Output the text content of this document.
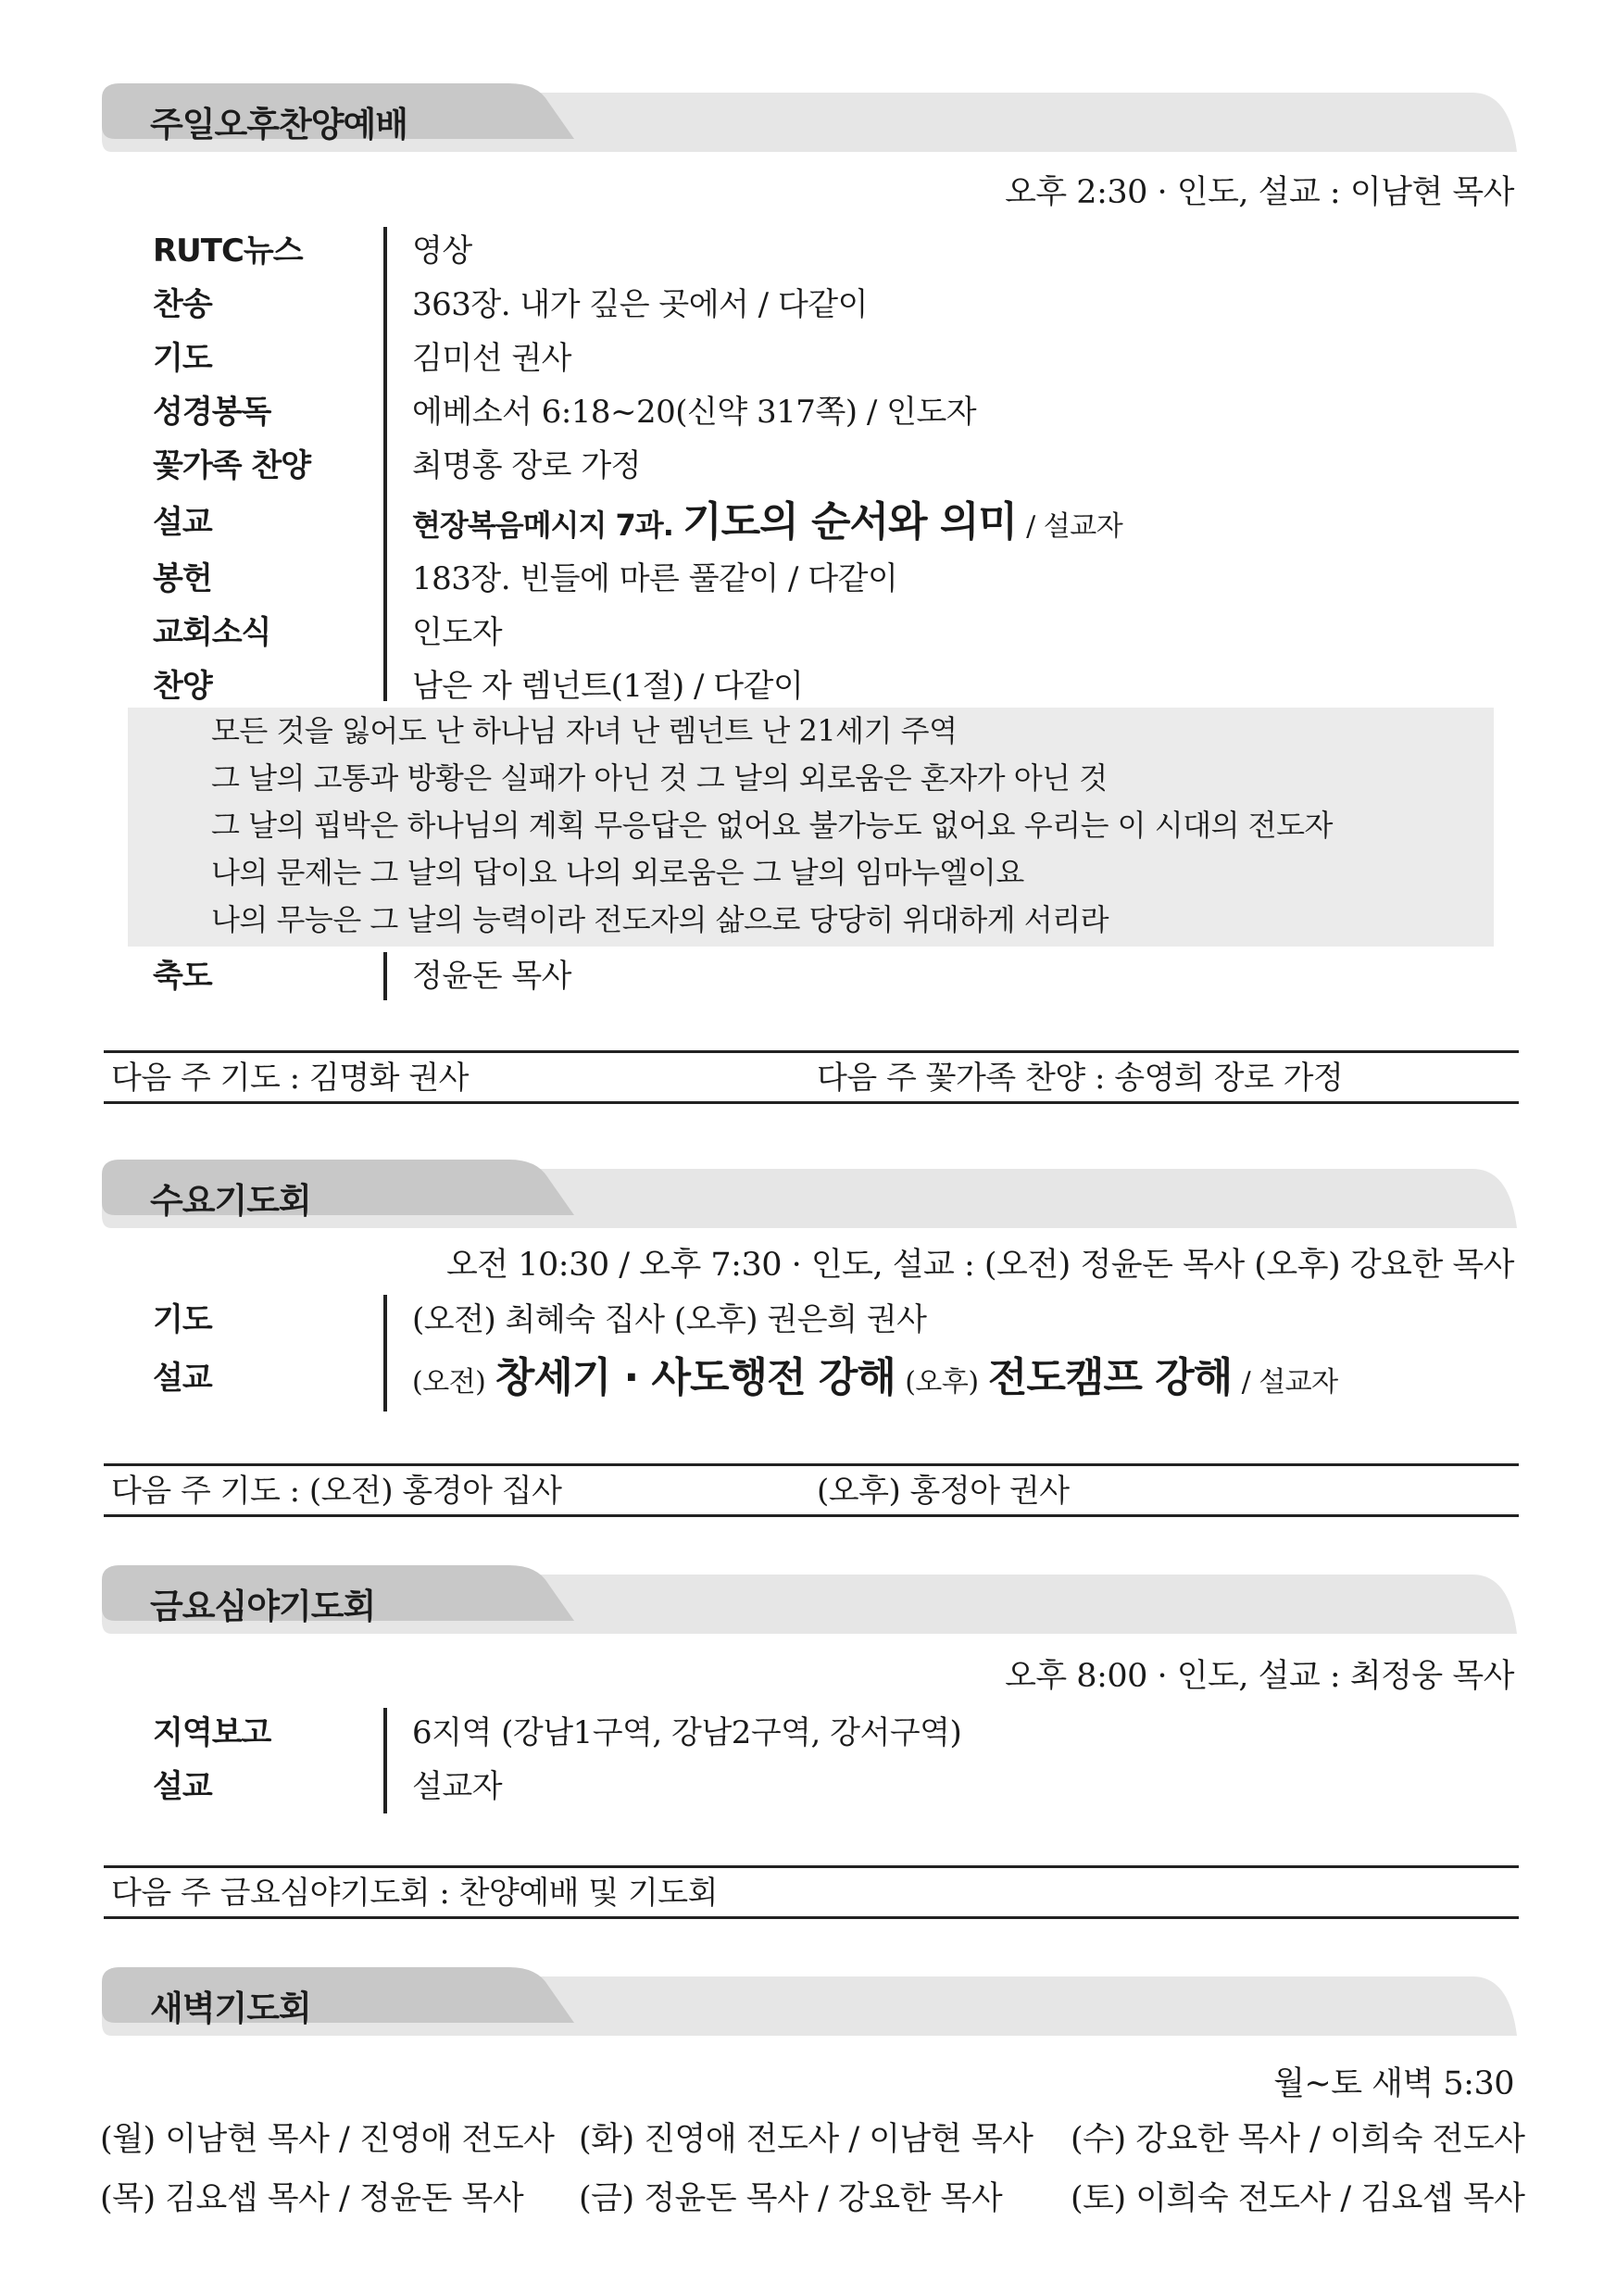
주일오후찬양예배
오후 2:30 · 인도, 설교 : 이남현 목사
RUTC뉴스	영상
찬송	363장. 내가 깊은 곳에서 / 다같이
기도	김미선 권사
성경봉독	에베소서 6:18~20(신약 317쪽) / 인도자
꽃가족 찬양	최명홍 장로 가정
설교	현장복음메시지 7과. 기도의 순서와 의미 / 설교자
봉헌	183장. 빈들에 마른 풀같이 / 다같이
교회소식	인도자
찬양	남은 자 렘넌트(1절) / 다같이
모든 것을 잃어도 난 하나님 자녀 난 렘넌트 난 21세기 주역
그 날의 고통과 방황은 실패가 아닌 것 그 날의 외로움은 혼자가 아닌 것
그 날의 핍박은 하나님의 계획 무응답은 없어요 불가능도 없어요 우리는 이 시대의 전도자
나의 문제는 그 날의 답이요 나의 외로움은 그 날의 임마누엘이요
나의 무능은 그 날의 능력이라 전도자의 삶으로 당당히 위대하게 서리라
축도	정윤돈 목사
다음 주 기도 : 김명화 권사	다음 주 꽃가족 찬양 : 송영희 장로 가정
수요기도회
오전 10:30 / 오후 7:30 · 인도, 설교 : (오전) 정윤돈 목사 (오후) 강요한 목사
기도	(오전) 최혜숙 집사 (오후) 권은희 권사
설교	(오전) 창세기 · 사도행전 강해 (오후) 전도캠프 강해 / 설교자
다음 주 기도 : (오전) 홍경아 집사	(오후) 홍정아 권사
금요심야기도회
오후 8:00 · 인도, 설교 : 최정웅 목사
지역보고	6지역 (강남1구역, 강남2구역, 강서구역)
설교	설교자
다음 주 금요심야기도회 : 찬양예배 및 기도회
새벽기도회
월~토 새벽 5:30
(월) 이남현 목사 / 진영애 전도사 (화) 진영애 전도사 / 이남현 목사 (수) 강요한 목사 / 이희숙 전도사
(목) 김요셉 목사 / 정윤돈 목사 (금) 정윤돈 목사 / 강요한 목사 (토) 이희숙 전도사 / 김요셉 목사
